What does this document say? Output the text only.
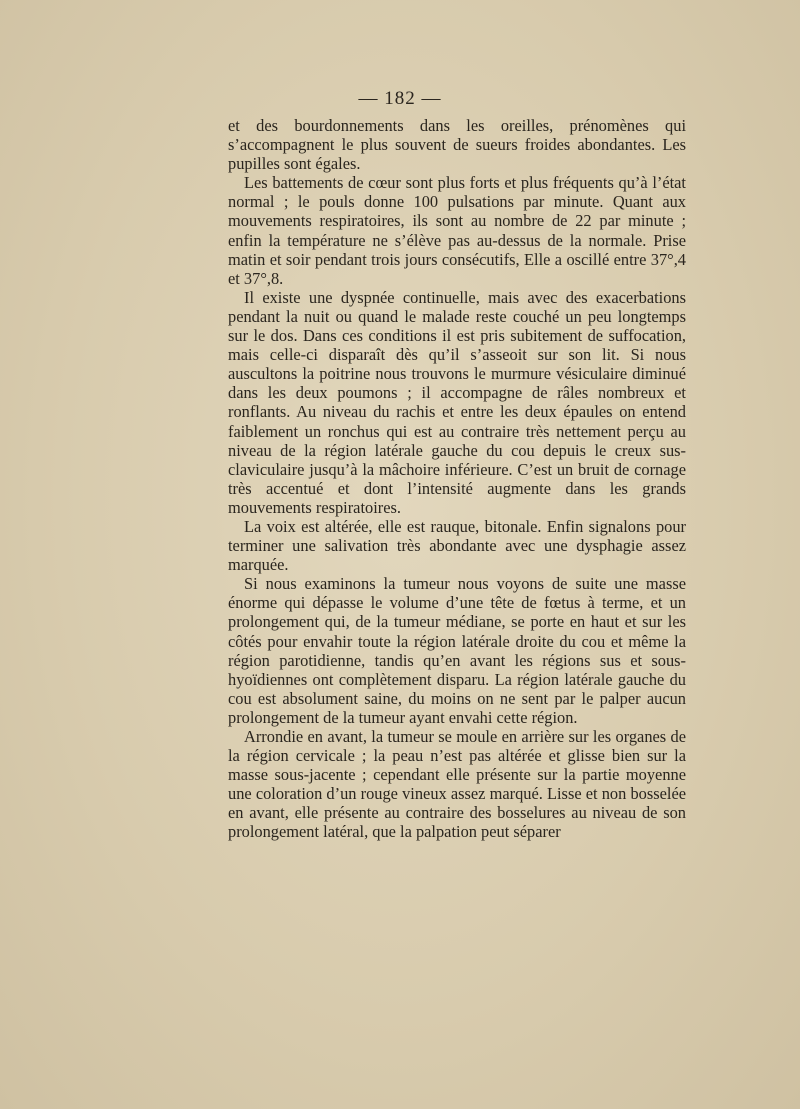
— 182 —

et des bourdonnements dans les oreilles, prénomènes qui s’accompagnent le plus souvent de sueurs froides abondantes. Les pupilles sont égales.

Les battements de cœur sont plus forts et plus fréquents qu’à l’état normal ; le pouls donne 100 pulsations par minute. Quant aux mouvements respiratoires, ils sont au nombre de 22 par minute ; enfin la température ne s’élève pas au-dessus de la normale. Prise matin et soir pendant trois jours consécutifs, Elle a oscillé entre 37°,4 et 37°,8.

Il existe une dyspnée continuelle, mais avec des exacerbations pendant la nuit ou quand le malade reste couché un peu longtemps sur le dos. Dans ces conditions il est pris subitement de suffocation, mais celle-ci disparaît dès qu’il s’asseoit sur son lit. Si nous auscultons la poitrine nous trouvons le murmure vésiculaire diminué dans les deux poumons ; il accompagne de râles nombreux et ronflants. Au niveau du rachis et entre les deux épaules on entend faiblement un ronchus qui est au contraire très nettement perçu au niveau de la région latérale gauche du cou depuis le creux sus-claviculaire jusqu’à la mâchoire inférieure. C’est un bruit de cornage très accentué et dont l’intensité augmente dans les grands mouvements respiratoires.

La voix est altérée, elle est rauque, bitonale. Enfin signalons pour terminer une salivation très abondante avec une dysphagie assez marquée.

Si nous examinons la tumeur nous voyons de suite une masse énorme qui dépasse le volume d’une tête de fœtus à terme, et un prolongement qui, de la tumeur médiane, se porte en haut et sur les côtés pour envahir toute la région latérale droite du cou et même la région parotidienne, tandis qu’en avant les régions sus et sous-hyoïdiennes ont complètement disparu. La région latérale gauche du cou est absolument saine, du moins on ne sent par le palper aucun prolongement de la tumeur ayant envahi cette région.

Arrondie en avant, la tumeur se moule en arrière sur les organes de la région cervicale ; la peau n’est pas altérée et glisse bien sur la masse sous-jacente ; cependant elle présente sur la partie moyenne une coloration d’un rouge vineux assez marqué. Lisse et non bosselée en avant, elle présente au contraire des bosselures au niveau de son prolongement latéral, que la palpation peut séparer
